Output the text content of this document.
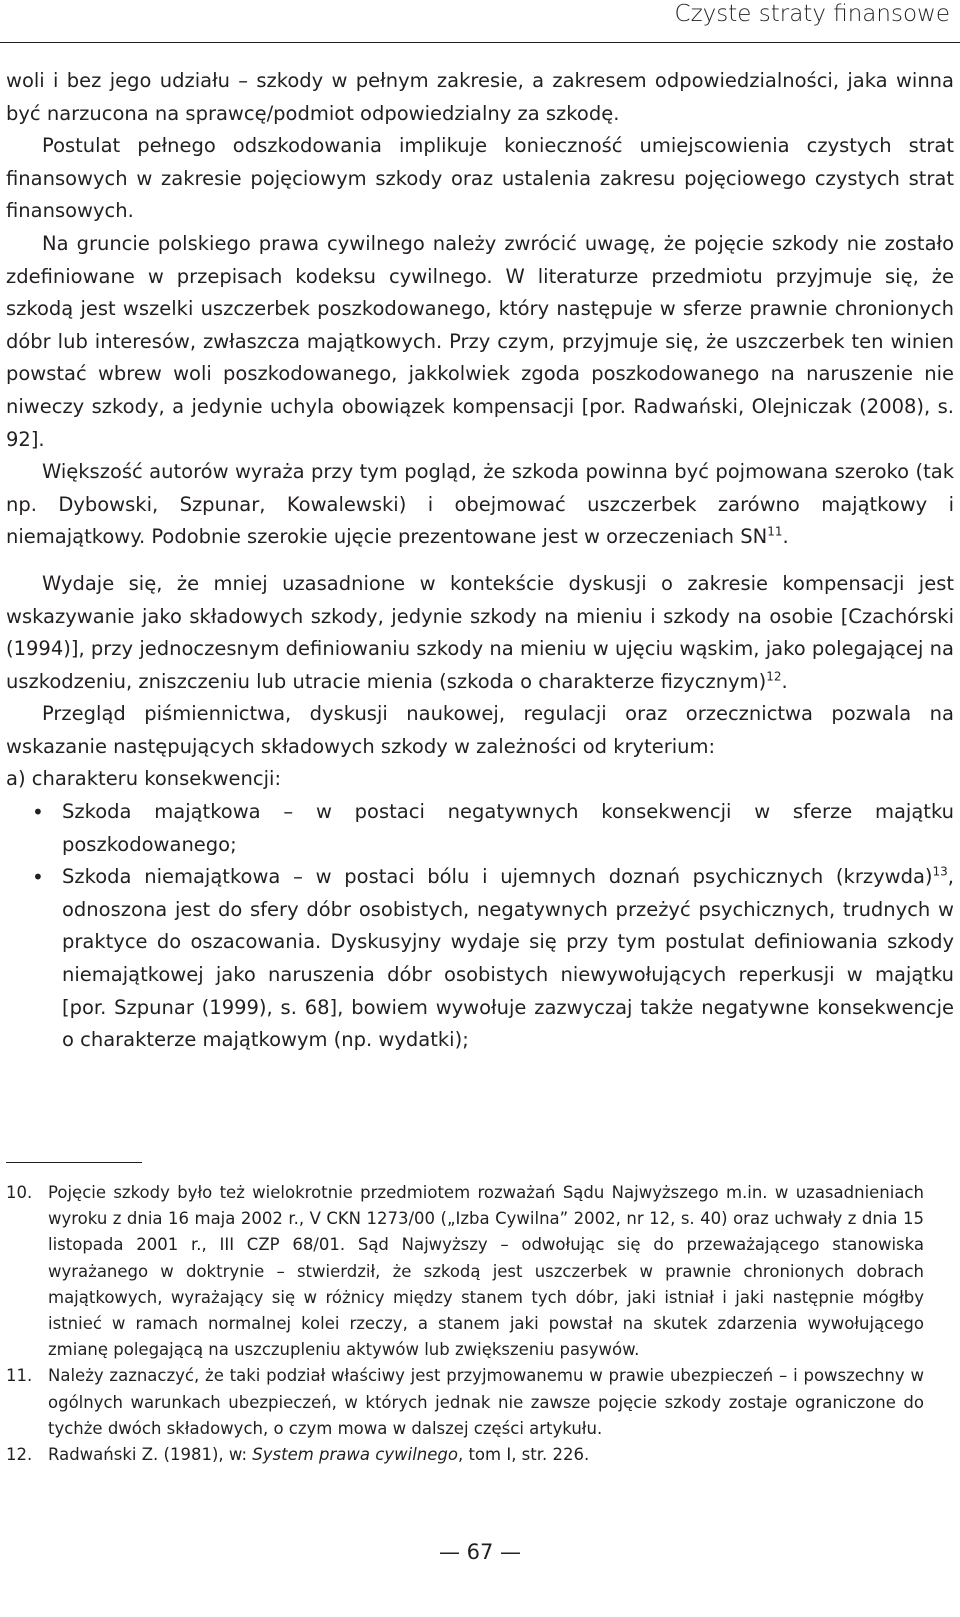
Czyste straty finansowe

woli i bez jego udziału – szkody w pełnym zakresie, a zakresem odpowiedzialności, jaka winna być narzucona na sprawcę/podmiot odpowiedzialny za szkodę.

Postulat pełnego odszkodowania implikuje konieczność umiejscowienia czystych strat finansowych w zakresie pojęciowym szkody oraz ustalenia zakresu pojęciowego czystych strat finansowych.

Na gruncie polskiego prawa cywilnego należy zwrócić uwagę, że pojęcie szkody nie zostało zdefiniowane w przepisach kodeksu cywilnego. W literaturze przedmiotu przyjmuje się, że szkodą jest wszelki uszczerbek poszkodowanego, który następuje w sferze prawnie chronionych dóbr lub interesów, zwłaszcza majątkowych. Przy czym, przyjmuje się, że uszczerbek ten winien powstać wbrew woli poszkodowanego, jakkolwiek zgoda poszkodowanego na naruszenie nie niweczy szkody, a jedynie uchyla obowiązek kompensacji [por. Radwański, Olejniczak (2008), s. 92].

Większość autorów wyraża przy tym pogląd, że szkoda powinna być pojmowana szeroko (tak np. Dybowski, Szpunar, Kowalewski) i obejmować uszczerbek zarówno majątkowy i niemajątkowy. Podobnie szerokie ujęcie prezentowane jest w orzeczeniach SN$^{11}$.

Wydaje się, że mniej uzasadnione w kontekście dyskusji o zakresie kompensacji jest wskazywanie jako składowych szkody, jedynie szkody na mieniu i szkody na osobie [Czachórski (1994)], przy jednoczesnym definiowaniu szkody na mieniu w ujęciu wąskim, jako polegającej na uszkodzeniu, zniszczeniu lub utracie mienia (szkoda o charakterze fizycznym)$^{12}$.

Przegląd piśmiennictwa, dyskusji naukowej, regulacji oraz orzecznictwa pozwala na wskazanie następujących składowych szkody w zależności od kryterium:

a) charakteru konsekwencji:

• Szkoda majątkowa – w postaci negatywnych konsekwencji w sferze majątku poszkodowanego;
• Szkoda niemajątkowa – w postaci bólu i ujemnych doznań psychicznych (krzywda)$^{13}$, odnoszona jest do sfery dóbr osobistych, negatywnych przeżyć psychicznych, trudnych w praktyce do oszacowania. Dyskusyjny wydaje się przy tym postulat definiowania szkody niemajątkowej jako naruszenia dóbr osobistych niewywołujących reperkusji w majątku [por. Szpunar (1999), s. 68], bowiem wywołuje zazwyczaj także negatywne konsekwencje o charakterze majątkowym (np. wydatki);
10. Pojęcie szkody było też wielokrotnie przedmiotem rozważań Sądu Najwyższego m.in. w uzasadnieniach wyroku z dnia 16 maja 2002 r., V CKN 1273/00 („Izba Cywilna” 2002, nr 12, s. 40) oraz uchwały z dnia 15 listopada 2001 r., III CZP 68/01. Sąd Najwyższy – odwołując się do przeważającego stanowiska wyrażanego w doktrynie – stwierdził, że szkodą jest uszczerbek w prawnie chronionych dobrach majątkowych, wyrażający się w różnicy między stanem tych dóbr, jaki istniał i jaki następnie mógłby istnieć w ramach normalnej kolei rzeczy, a stanem jaki powstał na skutek zdarzenia wywołującego zmianę polegającą na uszczupleniu aktywów lub zwiększeniu pasywów.
11. Należy zaznaczyć, że taki podział właściwy jest przyjmowanemu w prawie ubezpieczeń – i powszechny w ogólnych warunkach ubezpieczeń, w których jednak nie zawsze pojęcie szkody zostaje ograniczone do tychże dwóch składowych, o czym mowa w dalszej części artykułu.
12. Radwański Z. (1981), w: System prawa cywilnego, tom I, str. 226.
— 67 —
